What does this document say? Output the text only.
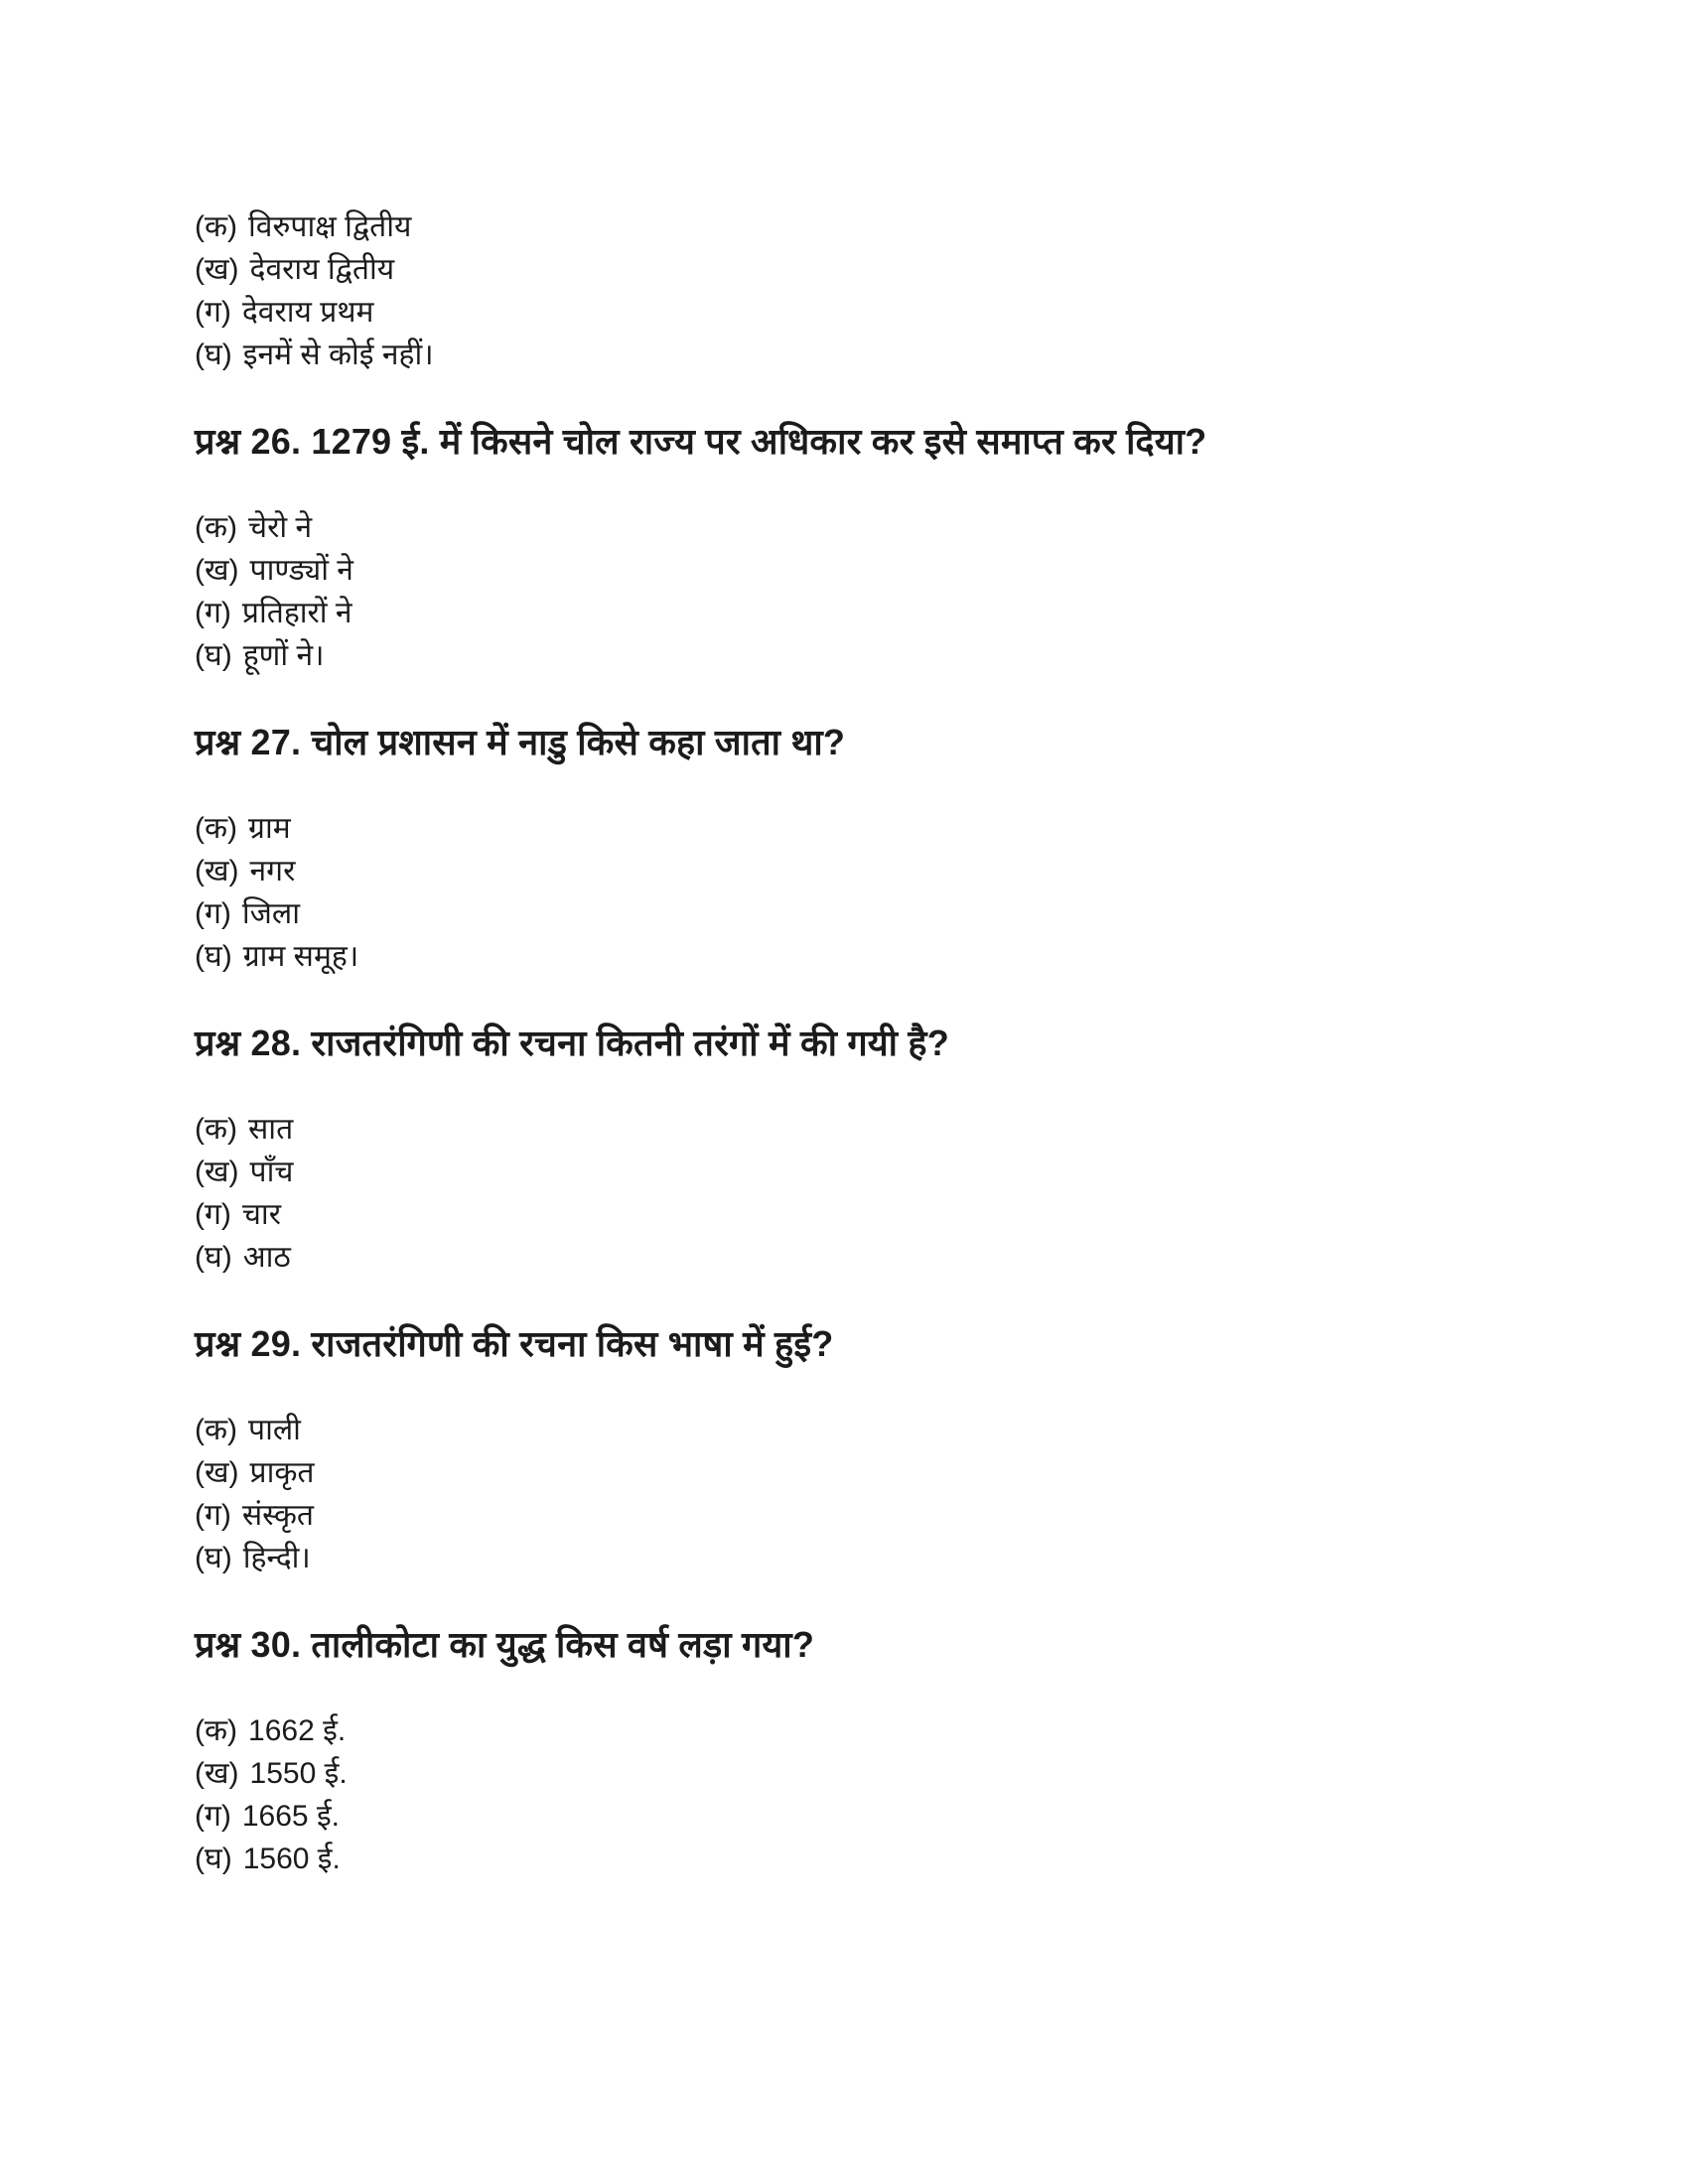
(क) विरुपाक्ष द्वितीय

(ख) देवराय द्वितीय

(ग) देवराय प्रथम

(घ) इनमें से कोई नहीं।

प्रश्न 26. 1279 ई. में किसने चोल राज्य पर अधिकार कर इसे समाप्त कर दिया?

(क) चेरो ने

(ख) पाण्ड्यों ने

(ग) प्रतिहारों ने

(घ) हूणों ने।

प्रश्न 27. चोल प्रशासन में नाडु किसे कहा जाता था?

(क) ग्राम

(ख) नगर

(ग) जिला

(घ) ग्राम समूह।

प्रश्न 28. राजतरंगिणी की रचना कितनी तरंगों में की गयी है?

(क) सात

(ख) पाँच

(ग) चार

(घ) आठ

प्रश्न 29. राजतरंगिणी की रचना किस भाषा में हुई?

(क) पाली

(ख) प्राकृत

(ग) संस्कृत

(घ) हिन्दी।

प्रश्न 30. तालीकोटा का युद्ध किस वर्ष लड़ा गया?

(क) 1662 ई.

(ख) 1550 ई.

(ग) 1665 ई.

(घ) 1560 ई.
